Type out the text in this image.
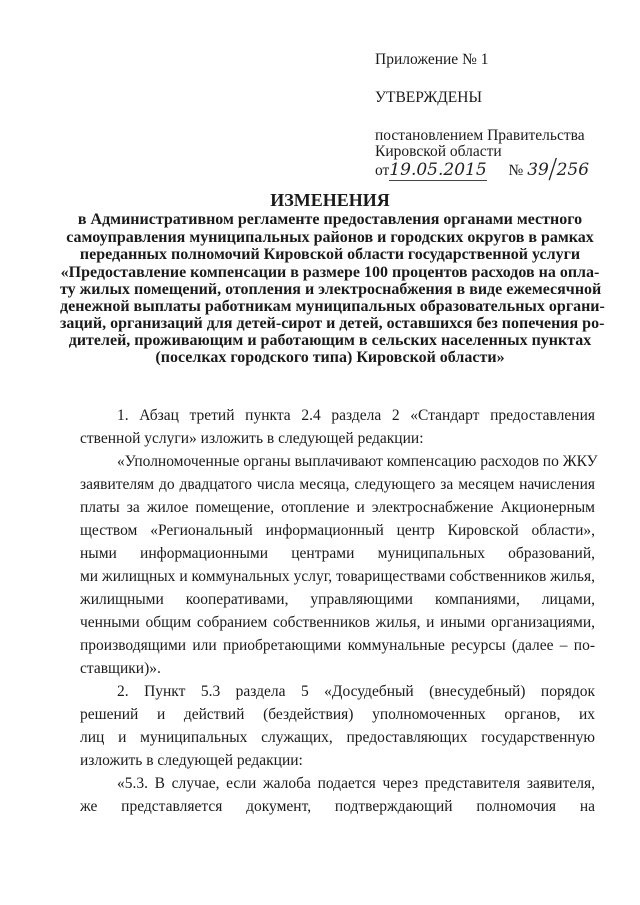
Приложение № 1
УТВЕРЖДЕНЫ
постановлением Правительства
Кировской области
от19.05.2015 № 39/256
ИЗМЕНЕНИЯ
в Административном регламенте предоставления органами местного
самоуправления муниципальных районов и городских округов в рамках
переданных полномочий Кировской области государственной услуги
«Предоставление компенсации в размере 100 процентов расходов на опла-
ту жилых помещений, отопления и электроснабжения в виде ежемесячной
денежной выплаты работникам муниципальных образовательных органи-
заций, организаций для детей-сирот и детей, оставшихся без попечения ро-
дителей, проживающим и работающим в сельских населенных пунктах
(поселках городского типа) Кировской области»
1. Абзац третий пункта 2.4 раздела 2 «Стандарт предоставления
ственной услуги» изложить в следующей редакции:
«Уполномоченные органы выплачивают компенсацию расходов по ЖКУ
заявителям до двадцатого числа месяца, следующего за месяцем начисления
платы за жилое помещение, отопление и электроснабжение Акционерным
ществом «Региональный информационный центр Кировской области»,
ными информационными центрами муниципальных образований,
ми жилищных и коммунальных услуг, товариществами собственников жилья,
жилищными кооперативами, управляющими компаниями, лицами,
ченными общим собранием собственников жилья, и иными организациями,
производящими или приобретающими коммунальные ресурсы (далее – по-
ставщики)».
2. Пункт 5.3 раздела 5 «Досудебный (внесудебный) порядок
решений и действий (бездействия) уполномоченных органов, их
лиц и муниципальных служащих, предоставляющих государственную
изложить в следующей редакции:
«5.3. В случае, если жалоба подается через представителя заявителя,
же представляется документ, подтверждающий полномочия на
